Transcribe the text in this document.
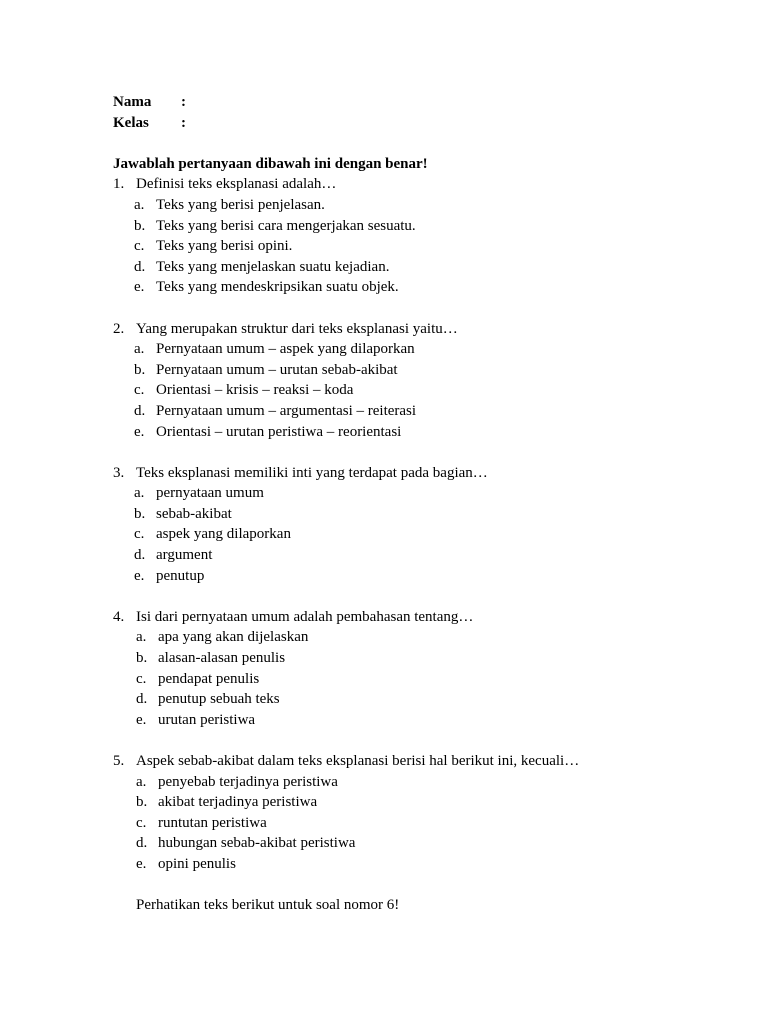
Nama :
Kelas :
Jawablah pertanyaan dibawah ini dengan benar!
1. Definisi teks eksplanasi adalah…
a. Teks yang berisi penjelasan.
b. Teks yang berisi cara mengerjakan sesuatu.
c. Teks yang berisi opini.
d. Teks yang menjelaskan suatu kejadian.
e. Teks yang mendeskripsikan suatu objek.
2. Yang merupakan struktur dari teks eksplanasi yaitu…
a. Pernyataan umum – aspek yang dilaporkan
b. Pernyataan umum – urutan sebab-akibat
c. Orientasi – krisis – reaksi – koda
d. Pernyataan umum – argumentasi – reiterasi
e. Orientasi – urutan peristiwa – reorientasi
3. Teks eksplanasi memiliki inti yang terdapat pada bagian…
a. pernyataan umum
b. sebab-akibat
c. aspek yang dilaporkan
d. argument
e. penutup
4. Isi dari pernyataan umum adalah pembahasan tentang…
a. apa yang akan dijelaskan
b. alasan-alasan penulis
c. pendapat penulis
d. penutup sebuah teks
e. urutan peristiwa
5. Aspek sebab-akibat dalam teks eksplanasi berisi hal berikut ini, kecuali…
a. penyebab terjadinya peristiwa
b. akibat terjadinya peristiwa
c. runtutan peristiwa
d. hubungan sebab-akibat peristiwa
e. opini penulis
Perhatikan teks berikut untuk soal nomor 6!
